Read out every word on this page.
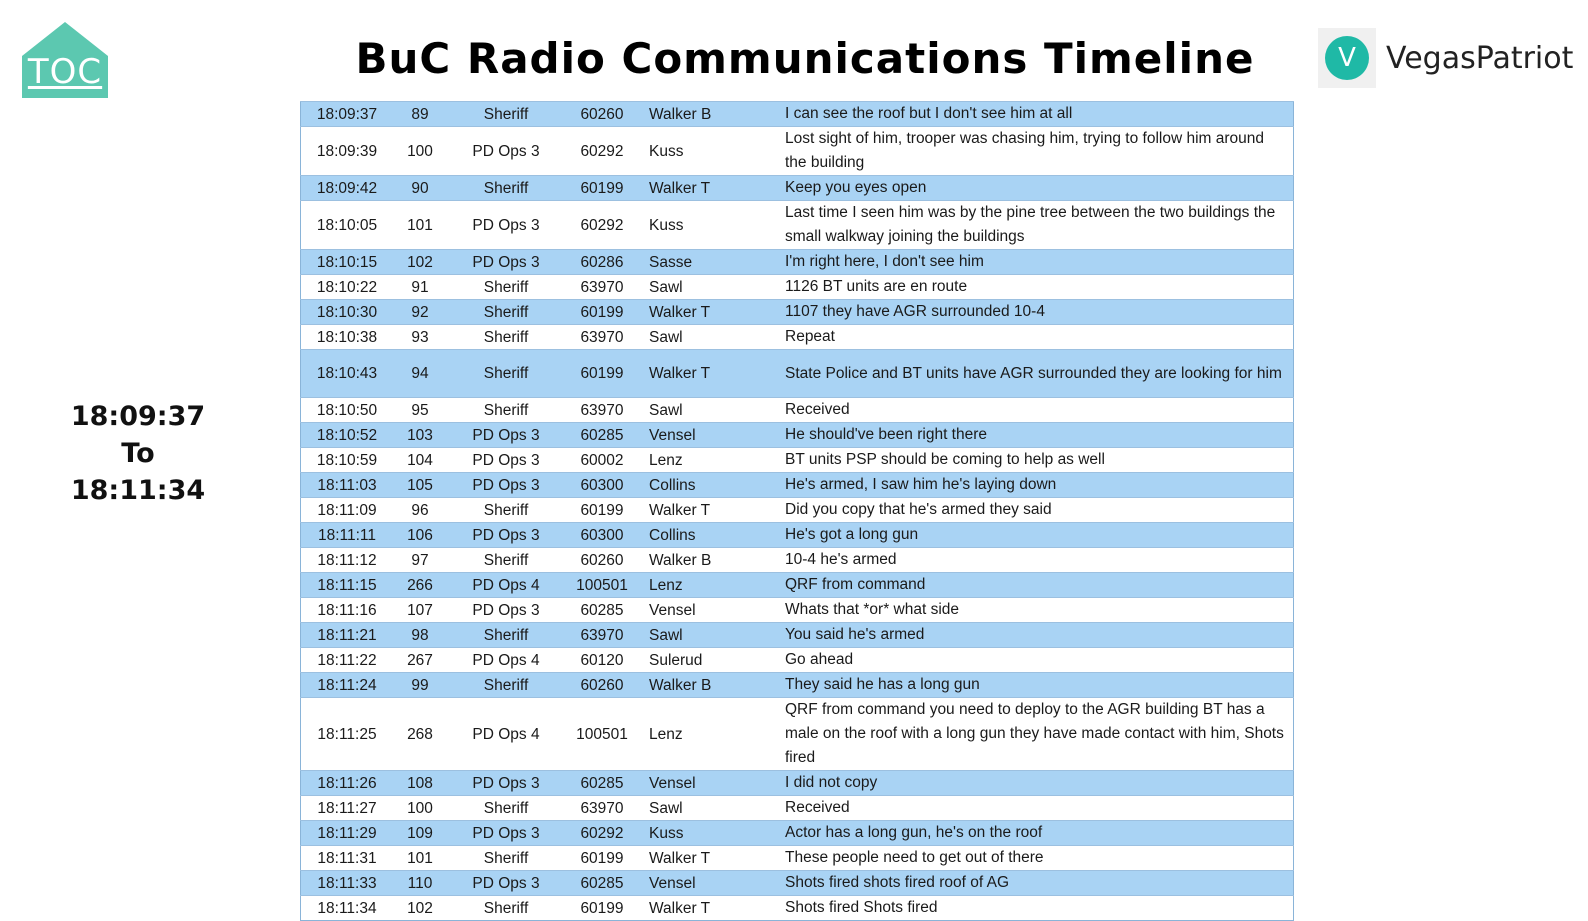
TOC	BuC Radio Communications Timeline	V	VegasPatriot
18:09:37
To
18:11:34
18:09:37	89	Sheriff	60260	Walker B	I can see the roof but I don't see him at all
18:09:39	100	PD Ops 3	60292	Kuss	Lost sight of him, trooper was chasing him, trying to follow him around the building
18:09:42	90	Sheriff	60199	Walker T	Keep you eyes open
18:10:05	101	PD Ops 3	60292	Kuss	Last time I seen him was by the pine tree between the two buildings the small walkway joining the buildings
18:10:15	102	PD Ops 3	60286	Sasse	I'm right here, I don't see him
18:10:22	91	Sheriff	63970	Sawl	1126 BT units are en route
18:10:30	92	Sheriff	60199	Walker T	1107 they have AGR surrounded 10-4
18:10:38	93	Sheriff	63970	Sawl	Repeat
18:10:43	94	Sheriff	60199	Walker T	State Police and BT units have AGR surrounded they are looking for him
18:10:50	95	Sheriff	63970	Sawl	Received
18:10:52	103	PD Ops 3	60285	Vensel	He should've been right there
18:10:59	104	PD Ops 3	60002	Lenz	BT units PSP should be coming to help as well
18:11:03	105	PD Ops 3	60300	Collins	He's armed, I saw him he's laying down
18:11:09	96	Sheriff	60199	Walker T	Did you copy that he's armed they said
18:11:11	106	PD Ops 3	60300	Collins	He's got a long gun
18:11:12	97	Sheriff	60260	Walker B	10-4 he's armed
18:11:15	266	PD Ops 4	100501	Lenz	QRF from command
18:11:16	107	PD Ops 3	60285	Vensel	Whats that *or* what side
18:11:21	98	Sheriff	63970	Sawl	You said he's armed
18:11:22	267	PD Ops 4	60120	Sulerud	Go ahead
18:11:24	99	Sheriff	60260	Walker B	They said he has a long gun
18:11:25	268	PD Ops 4	100501	Lenz	QRF from command you need to deploy to the AGR building BT has a male on the roof with a long gun they have made contact with him, Shots fired
18:11:26	108	PD Ops 3	60285	Vensel	I did not copy
18:11:27	100	Sheriff	63970	Sawl	Received
18:11:29	109	PD Ops 3	60292	Kuss	Actor has a long gun, he's on the roof
18:11:31	101	Sheriff	60199	Walker T	These people need to get out of there
18:11:33	110	PD Ops 3	60285	Vensel	Shots fired shots fired roof of AG
18:11:34	102	Sheriff	60199	Walker T	Shots fired Shots fired
